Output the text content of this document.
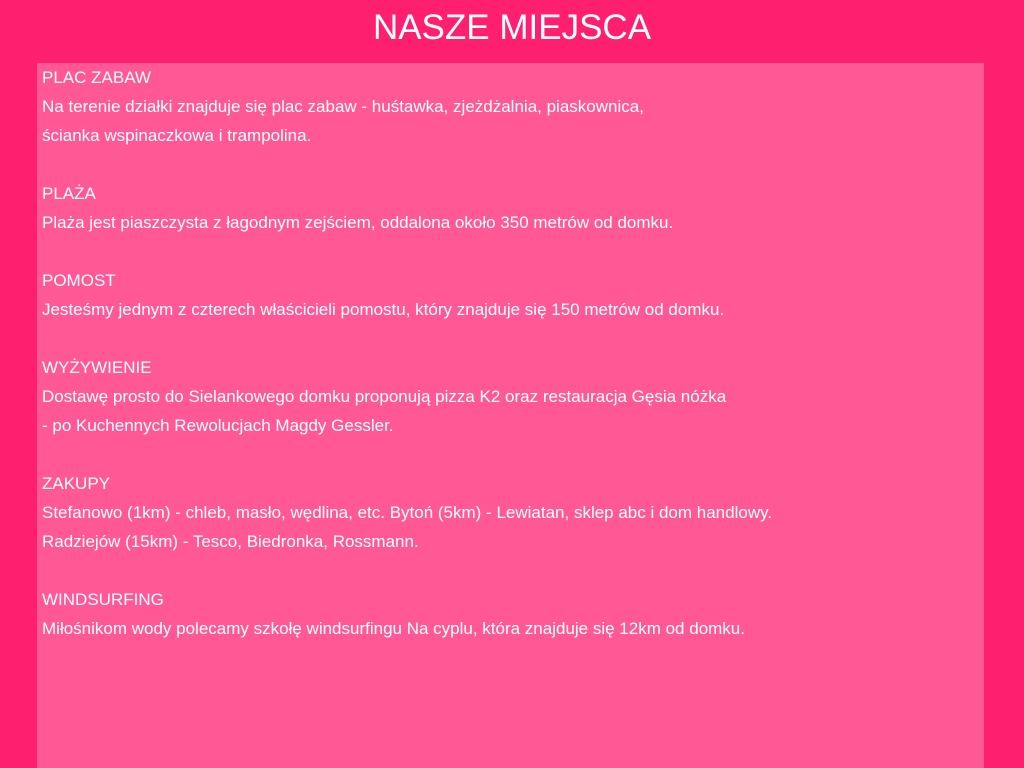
NASZE MIEJSCA
PLAC ZABAW
Na terenie działki znajduje się plac zabaw - huśtawka, zjeżdżalnia, piaskownica,
ścianka wspinaczkowa i trampolina.
PLAŻA
Plaża jest piaszczysta z łagodnym zejściem, oddalona około 350 metrów od domku.
POMOST
Jesteśmy jednym z czterech właścicieli pomostu, który znajduje się 150 metrów od domku.
WYŻYWIENIE
Dostawę prosto do Sielankowego domku proponują pizza K2 oraz restauracja Gęsia nóżka
- po Kuchennych Rewolucjach Magdy Gessler.
ZAKUPY
Stefanowo (1km) - chleb, masło, wędlina, etc. Bytoń (5km) - Lewiatan, sklep abc i dom handlowy.
Radziejów (15km) - Tesco, Biedronka, Rossmann.
WINDSURFING
Miłośnikom wody polecamy szkołę windsurfingu Na cyplu, która znajduje się 12km od domku.
